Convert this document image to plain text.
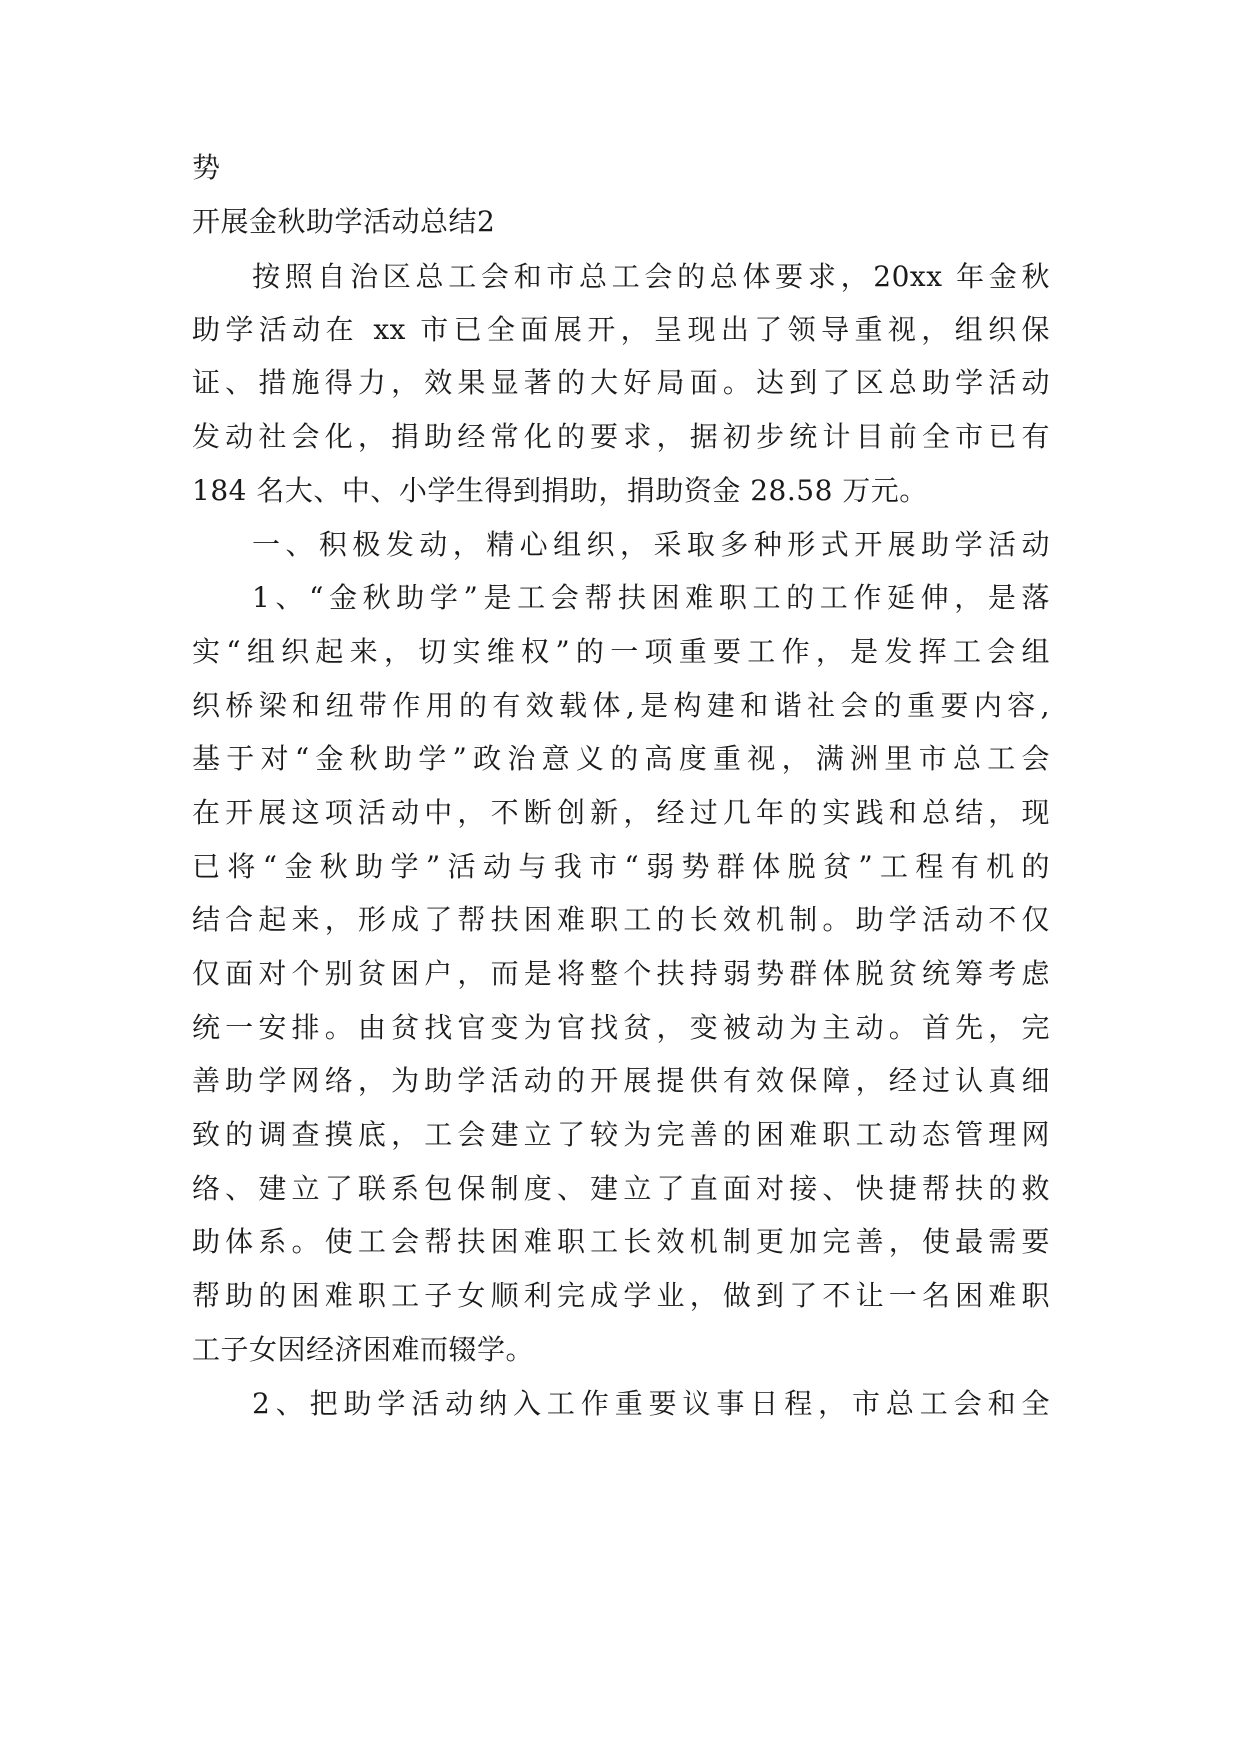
势
开展金秋助学活动总结2
按照自治区总工会和市总工会的总体要求，20xx 年金秋
助学活动在 xx 市已全面展开，呈现出了领导重视，组织保
证、措施得力，效果显著的大好局面。达到了区总助学活动
发动社会化，捐助经常化的要求，据初步统计目前全市已有
184 名大、中、小学生得到捐助，捐助资金 28.58 万元。
一、积极发动，精心组织，采取多种形式开展助学活动
1、“金秋助学”是工会帮扶困难职工的工作延伸，是落
实“组织起来，切实维权”的一项重要工作，是发挥工会组
织桥梁和纽带作用的有效载体,是构建和谐社会的重要内容,
基于对“金秋助学”政治意义的高度重视，满洲里市总工会
在开展这项活动中，不断创新，经过几年的实践和总结，现
已将“金秋助学”活动与我市“弱势群体脱贫”工程有机的
结合起来，形成了帮扶困难职工的长效机制。助学活动不仅
仅面对个别贫困户，而是将整个扶持弱势群体脱贫统筹考虑
统一安排。由贫找官变为官找贫，变被动为主动。首先，完
善助学网络，为助学活动的开展提供有效保障，经过认真细
致的调查摸底，工会建立了较为完善的困难职工动态管理网
络、建立了联系包保制度、建立了直面对接、快捷帮扶的救
助体系。使工会帮扶困难职工长效机制更加完善，使最需要
帮助的困难职工子女顺利完成学业，做到了不让一名困难职
工子女因经济困难而辍学。
2、把助学活动纳入工作重要议事日程，市总工会和全
